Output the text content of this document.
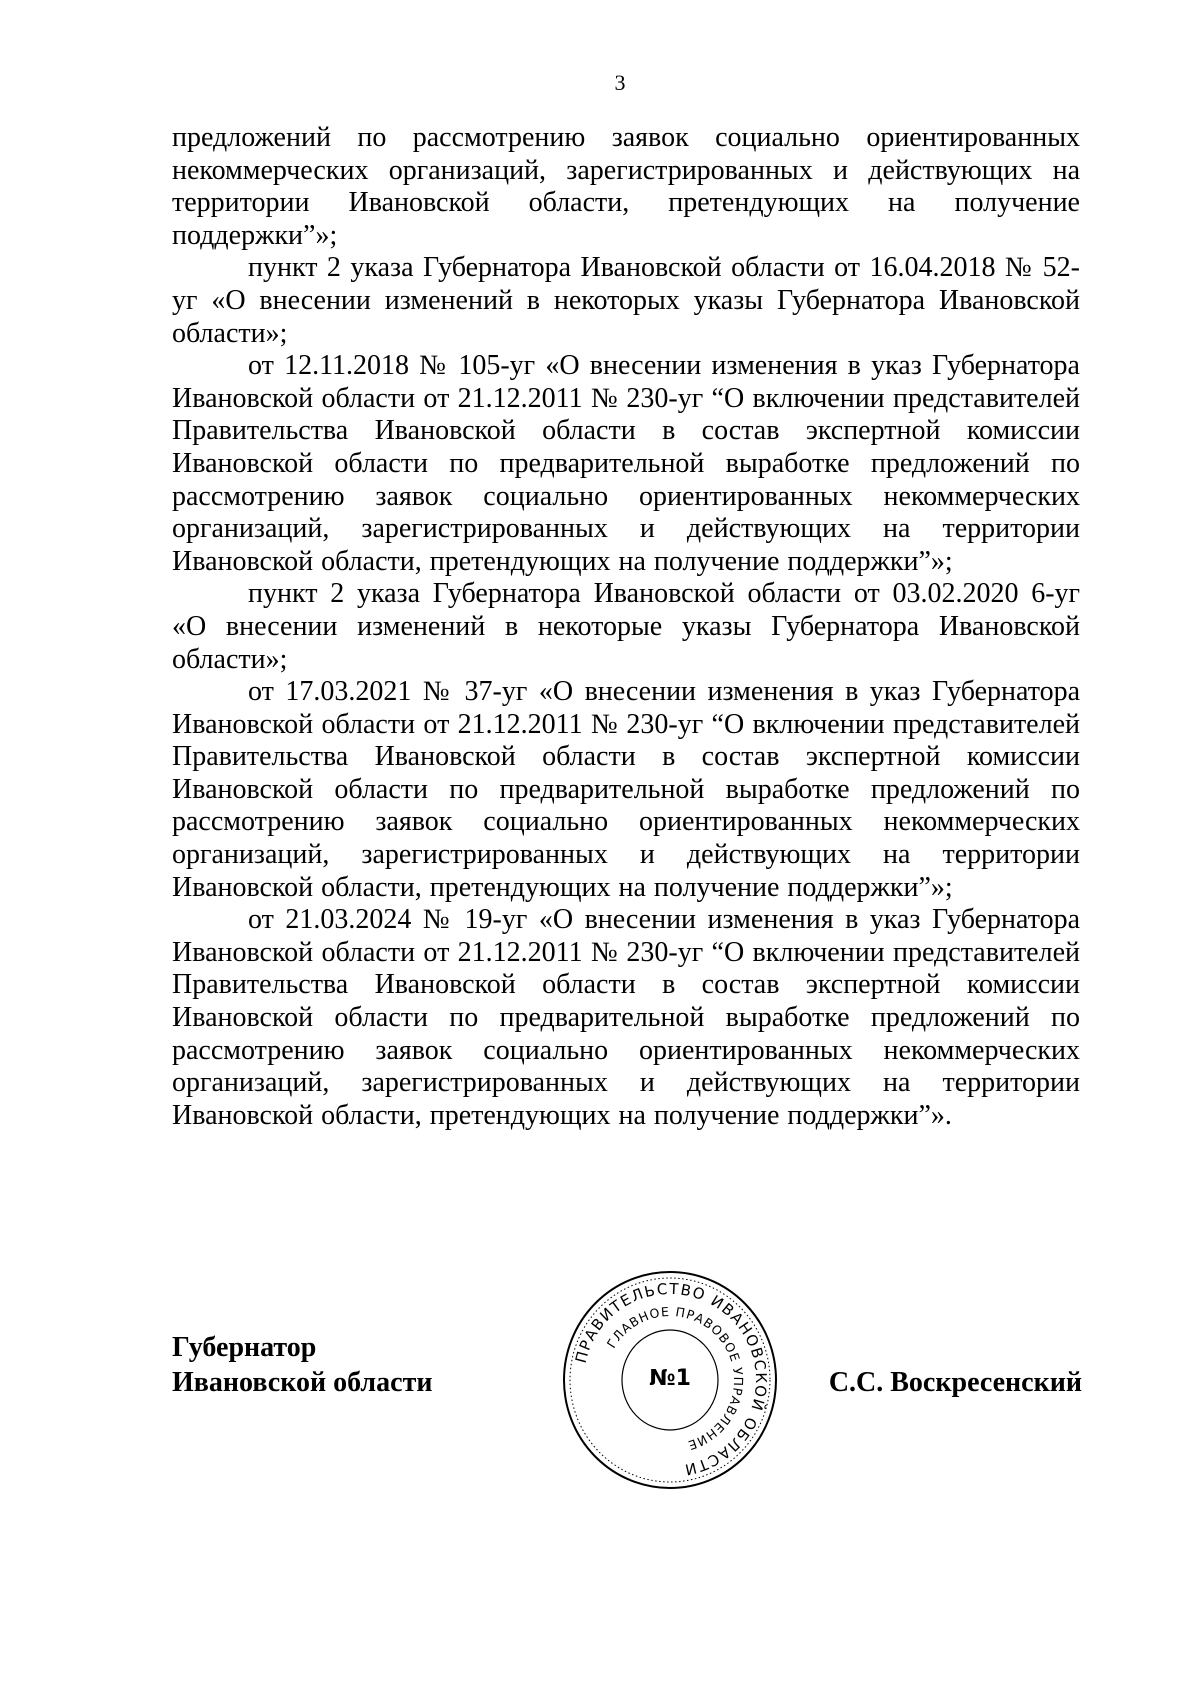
3

предложений по рассмотрению заявок социально ориентированных некоммерческих организаций, зарегистрированных и действующих на территории Ивановской области, претендующих на получение поддержки”»;

пункт 2 указа Губернатора Ивановской области от 16.04.2018 № 52-уг «О внесении изменений в некоторых указы Губернатора Ивановской области»;

от 12.11.2018 № 105-уг «О внесении изменения в указ Губернатора Ивановской области от 21.12.2011 № 230-уг “О включении представителей Правительства Ивановской области в состав экспертной комиссии Ивановской области по предварительной выработке предложений по рассмотрению заявок социально ориентированных некоммерческих организаций, зарегистрированных и действующих на территории Ивановской области, претендующих на получение поддержки”»;

пункт 2 указа Губернатора Ивановской области от 03.02.2020 6-уг «О внесении изменений в некоторые указы Губернатора Ивановской области»;

от 17.03.2021 № 37-уг «О внесении изменения в указ Губернатора Ивановской области от 21.12.2011 № 230-уг “О включении представителей Правительства Ивановской области в состав экспертной комиссии Ивановской области по предварительной выработке предложений по рассмотрению заявок социально ориентированных некоммерческих организаций, зарегистрированных и действующих на территории Ивановской области, претендующих на получение поддержки”»;

от 21.03.2024 № 19-уг «О внесении изменения в указ Губернатора Ивановской области от 21.12.2011 № 230-уг “О включении представителей Правительства Ивановской области в состав экспертной комиссии Ивановской области по предварительной выработке предложений по рассмотрению заявок социально ориентированных некоммерческих организаций, зарегистрированных и действующих на территории Ивановской области, претендующих на получение поддержки”».

Губернатор
Ивановской области	С.С. Воскресенский
ПРАВИТЕЛЬСТВО ИВАНОВСКОЙ ОБЛАСТИ
ГЛАВНОЕ ПРАВОВОЕ УПРАВЛЕНИЕ
№1
